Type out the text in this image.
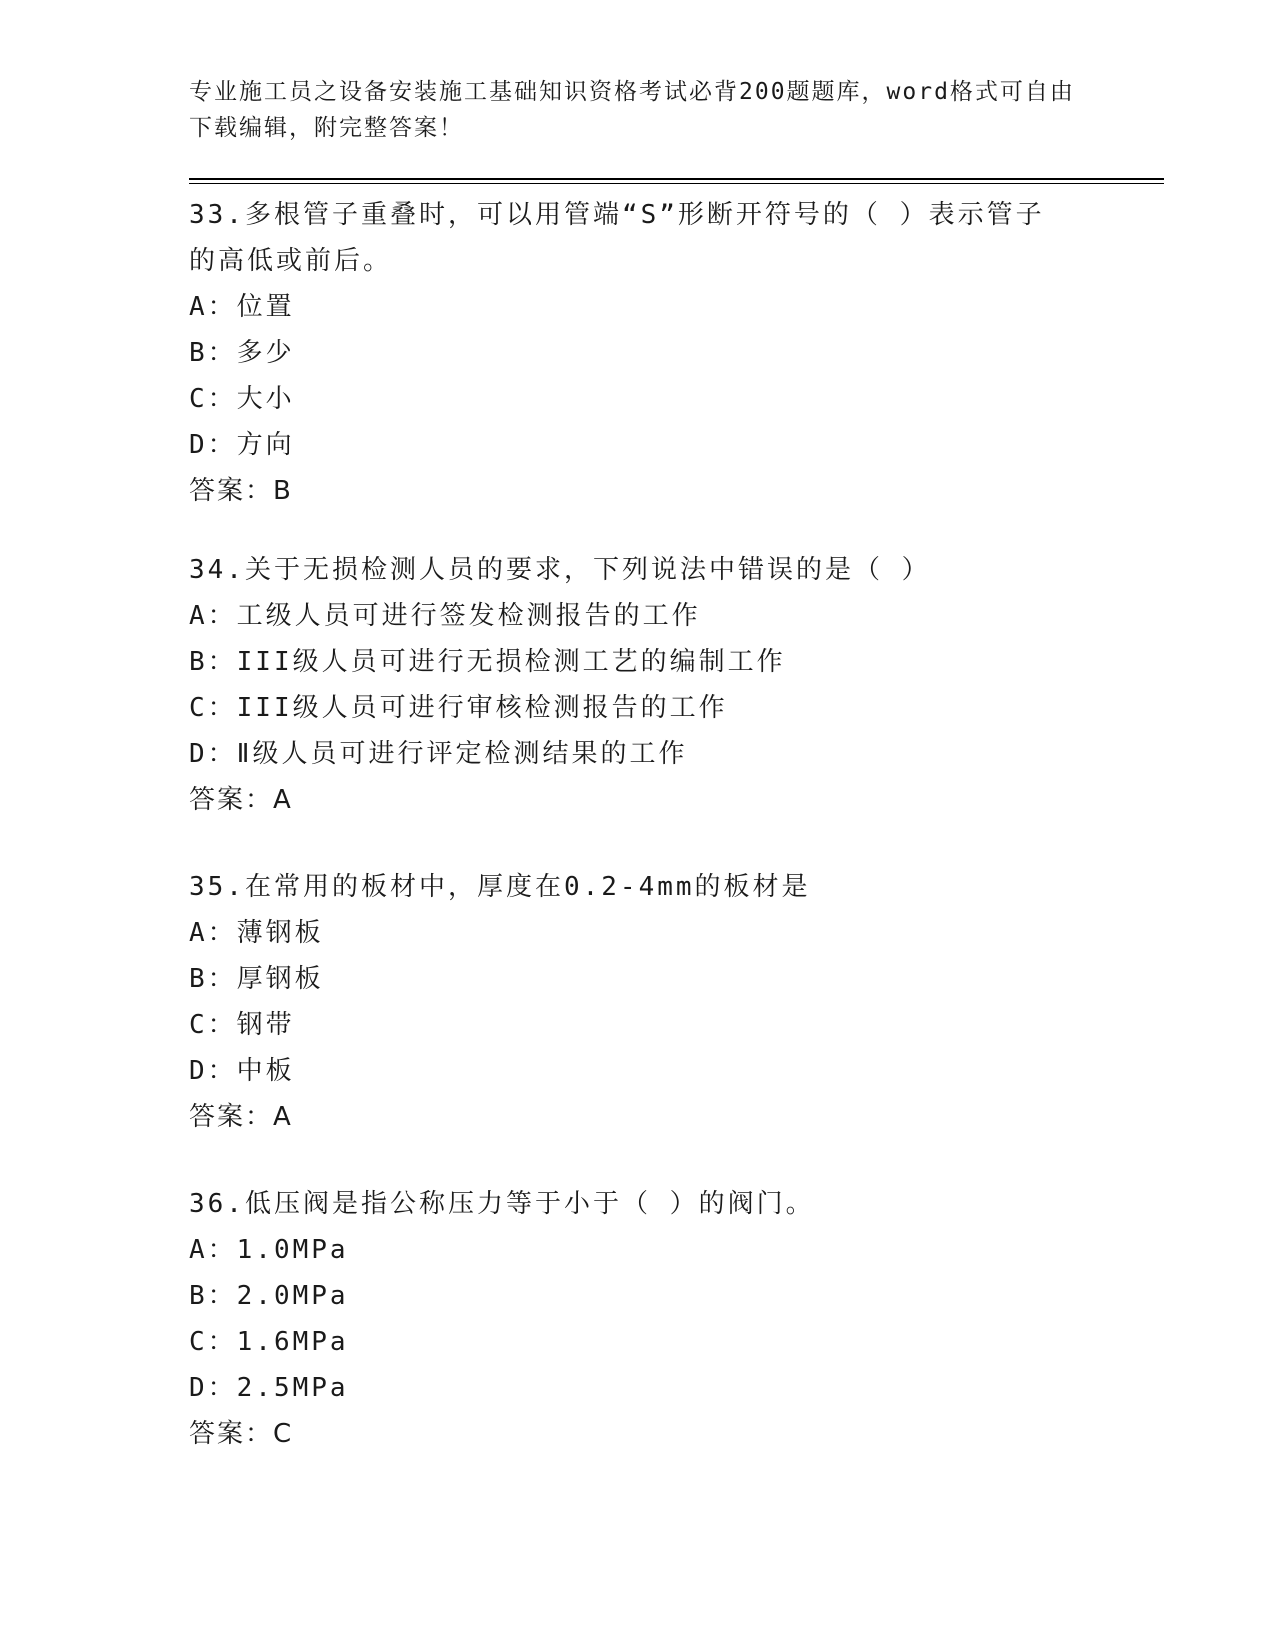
专业施工员之设备安装施工基础知识资格考试必背200题题库，word格式可自由下载编辑，附完整答案！

33.多根管子重叠时，可以用管端“S”形断开符号的（ ）表示管子的高低或前后。

A：位置

B：多少

C：大小

D：方向

答案：B

34.关于无损检测人员的要求，下列说法中错误的是（ ）

A：工级人员可进行签发检测报告的工作

B：III级人员可进行无损检测工艺的编制工作

C：III级人员可进行审核检测报告的工作

D：Ⅱ级人员可进行评定检测结果的工作

答案：A

35.在常用的板材中，厚度在0.2-4mm的板材是

A：薄钢板

B：厚钢板

C：钢带

D：中板

答案：A

36.低压阀是指公称压力等于小于（ ）的阀门。

A：1.0MPa

B：2.0MPa

C：1.6MPa

D：2.5MPa

答案：C
